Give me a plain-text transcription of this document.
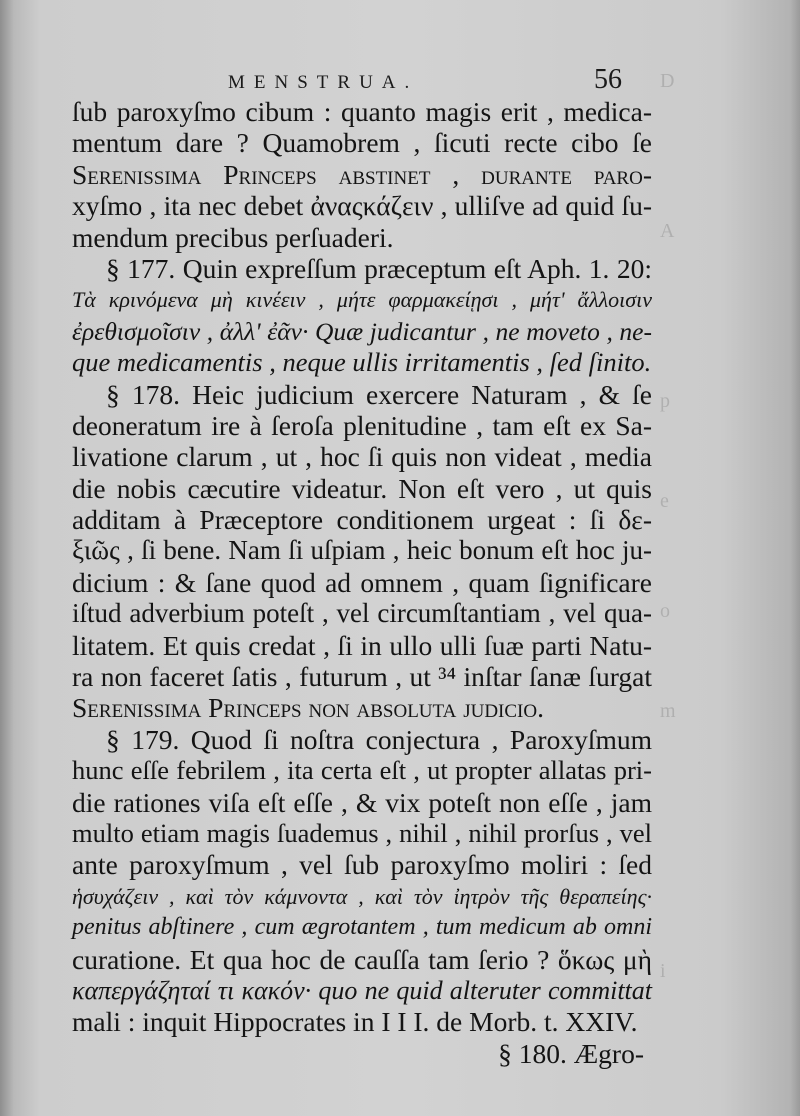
D
A
p
e
o
m
i
MENSTRUA.	56
ſub paroxyſmo cibum : quanto magis erit , medica-
mentum dare ? Quamobrem , ſicuti recte cibo ſe
Sereniſſima Princeps abſtinet , durante paro-
xyſmo , ita nec debet ἀναςκάζειν , ulliſve ad quid ſu-
mendum precibus perſuaderi.
§ 177. Quin expreſſum præceptum eſt Aph. 1. 20:
Τὰ κρινόμενα μὴ κινέειν , μήτε φαρμακείῃσι , μήτ' ἄλλοισιν
ἐρεθισμοῖσιν , ἀλλ' ἐᾶν· Quæ judicantur , ne moveto , ne-
que medicamentis , neque ullis irritamentis , ſed ſinito.
§ 178. Heic judicium exercere Naturam , & ſe
deoneratum ire à ſeroſa plenitudine , tam eſt ex Sa-
livatione clarum , ut , hoc ſi quis non videat , media
die nobis cæcutire videatur. Non eſt vero , ut quis
additam à Præceptore conditionem urgeat : ſi δε-
ξιῶς , ſi bene. Nam ſi uſpiam , heic bonum eſt hoc ju-
dicium : & ſane quod ad omnem , quam ſignificare
iſtud adverbium poteſt , vel circumſtantiam , vel qua-
litatem. Et quis credat , ſi in ullo ulli ſuæ parti Natu-
ra non faceret ſatis , futurum , ut ³⁴ inſtar ſanæ ſurgat
Sereniſſima Princeps non abſoluta judicio.
§ 179. Quod ſi noſtra conjectura , Paroxyſmum
hunc eſſe febrilem , ita certa eſt , ut propter allatas pri-
die rationes viſa eſt eſſe , & vix poteſt non eſſe , jam
multo etiam magis ſuademus , nihil , nihil prorſus , vel
ante paroxyſmum , vel ſub paroxyſmo moliri : ſed
ἡσυχάζειν , καὶ τὸν κάμνοντα , καὶ τὸν ἰητρὸν τῆς θεραπείης·
penitus abſtinere , cum ægrotantem , tum medicum ab omni
curatione. Et qua hoc de cauſſa tam ſerio ? ὅκως μὴ
καπεργάζηταί τι κακόν· quo ne quid alteruter committat
mali : inquit Hippocrates in I I I. de Morb. t. XXIV.
§ 180. Ægro-
